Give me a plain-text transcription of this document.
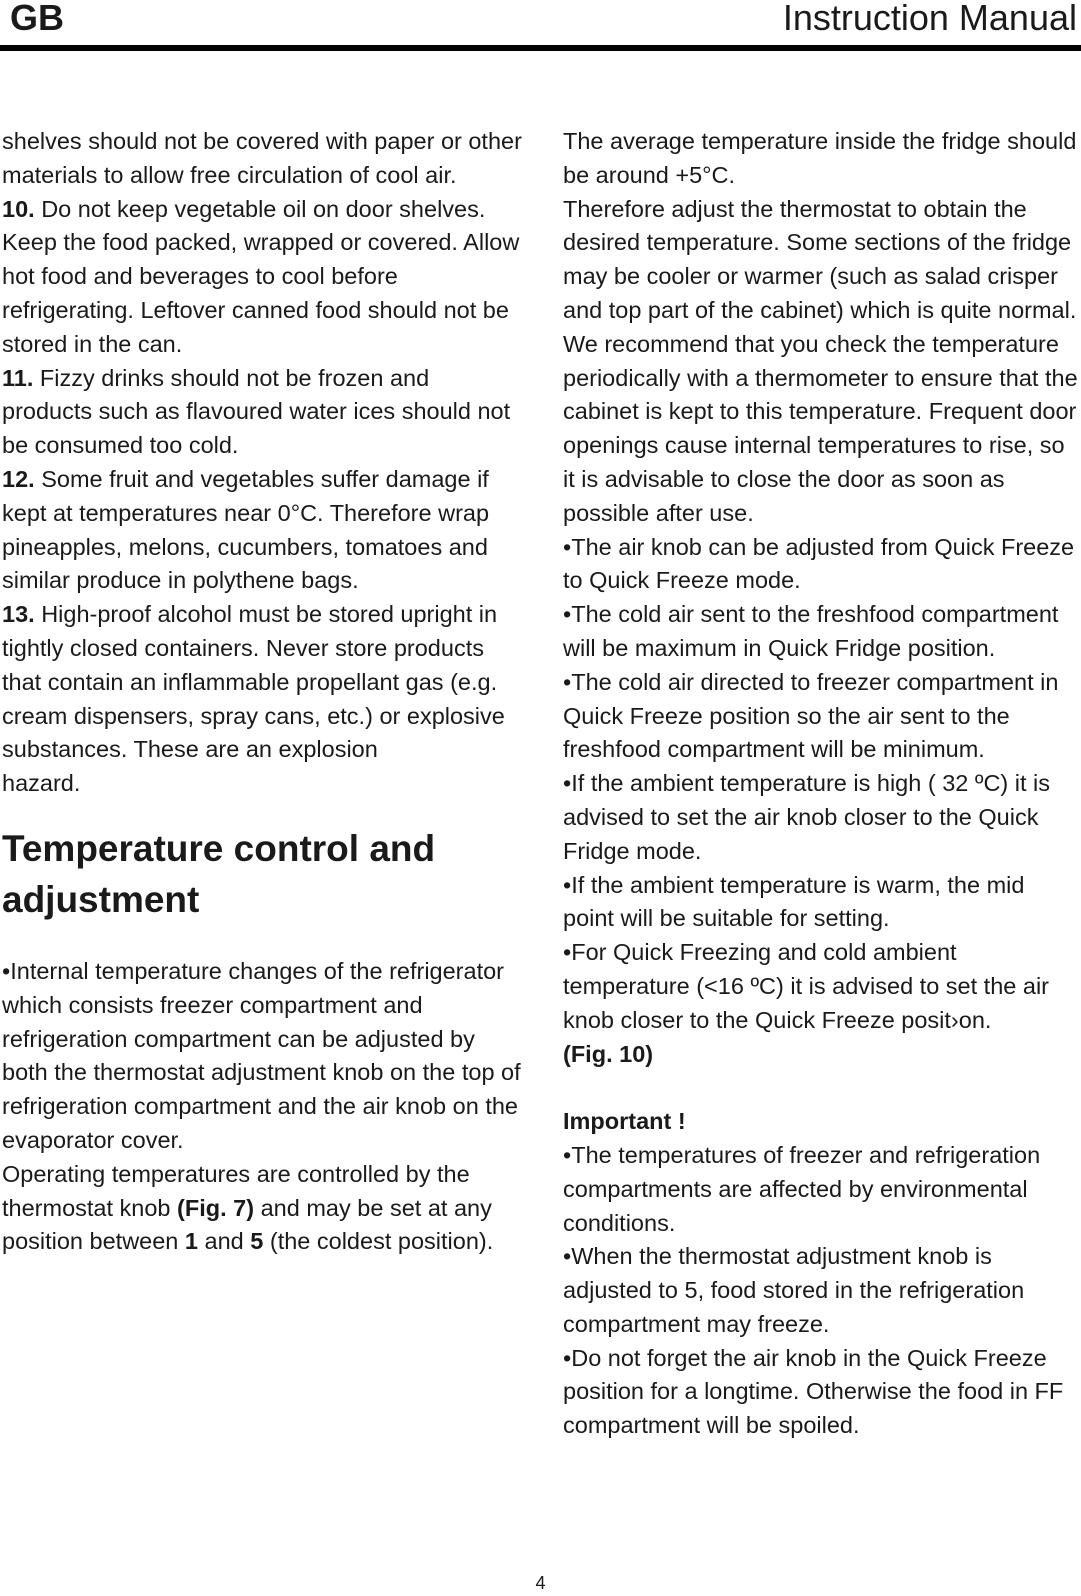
GB	Instruction Manual

shelves should not be covered with paper or other materials to allow free circulation of cool air.

10. Do not keep vegetable oil on door shelves. Keep the food packed, wrapped or covered. Allow hot food and beverages to cool before refrigerating. Leftover canned food should not be stored in the can.

11. Fizzy drinks should not be frozen and products such as flavoured water ices should not be consumed too cold.

12. Some fruit and vegetables suffer damage if kept at temperatures near 0°C. Therefore wrap pineapples, melons, cucumbers, tomatoes and similar produce in polythene bags.

13. High-proof alcohol must be stored upright in tightly closed containers. Never store products that contain an inflammable propellant gas (e.g. cream dispensers, spray cans, etc.) or explosive substances. These are an explosion

hazard.

Temperature control and adjustment

•Internal temperature changes of the refrigerator which consists freezer compartment and refrigeration compartment can be adjusted by both the thermostat adjustment knob on the top of refrigeration compartment and the air knob on the evaporator cover.

Operating temperatures are controlled by the thermostat knob (Fig. 7) and may be set at any position between 1 and 5 (the coldest position).

The average temperature inside the fridge should be around +5°C.

Therefore adjust the thermostat to obtain the desired temperature. Some sections of the fridge may be cooler or warmer (such as salad crisper and top part of the cabinet) which is quite normal. We recommend that you check the temperature periodically with a thermometer to ensure that the cabinet is kept to this temperature. Frequent door openings cause internal temperatures to rise, so it is advisable to close the door as soon as possible after use.

•The air knob can be adjusted from Quick Freeze to Quick Freeze mode.

•The cold air sent to the freshfood compartment will be maximum in Quick Fridge position.

•The cold air directed to freezer compartment in Quick Freeze position so the air sent to the freshfood compartment will be minimum.

•If the ambient temperature is high ( 32 ºC) it is advised to set the air knob closer to the Quick Fridge mode.

•If the ambient temperature is warm, the mid point will be suitable for setting.

•For Quick Freezing and cold ambient temperature (<16 ºC) it is advised to set the air knob closer to the Quick Freeze posit›on.

(Fig. 10)

Important !

•The temperatures of freezer and refrigeration compartments are affected by environmental conditions.

•When the thermostat adjustment knob is adjusted to 5, food stored in the refrigeration compartment may freeze.

•Do not forget the air knob in the Quick Freeze position for a longtime. Otherwise the food in FF compartment will be spoiled.

4
